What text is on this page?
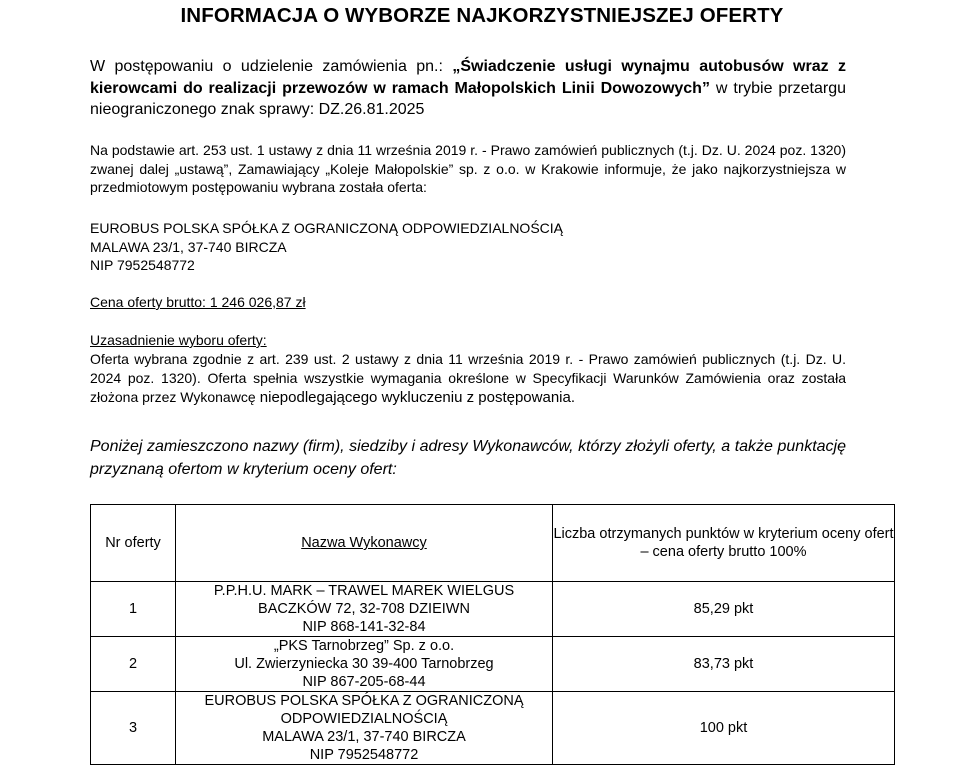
INFORMACJA O WYBORZE NAJKORZYSTNIEJSZEJ OFERTY
W postępowaniu o udzielenie zamówienia pn.: „Świadczenie usługi wynajmu autobusów wraz z kierowcami do realizacji przewozów w ramach Małopolskich Linii Dowozowych” w trybie przetargu nieograniczonego znak sprawy: DZ.26.81.2025
Na podstawie art. 253 ust. 1 ustawy z dnia 11 września 2019 r. - Prawo zamówień publicznych (t.j. Dz. U. 2024 poz. 1320) zwanej dalej „ustawą”, Zamawiający „Koleje Małopolskie” sp. z o.o. w Krakowie informuje, że jako najkorzystniejsza w przedmiotowym postępowaniu wybrana została oferta:
EUROBUS POLSKA SPÓŁKA Z OGRANICZONĄ ODPOWIEDZIALNOŚCIĄ
MALAWA 23/1, 37-740 BIRCZA
NIP 7952548772
Cena oferty brutto: 1 246 026,87 zł
Uzasadnienie wyboru oferty:
Oferta wybrana zgodnie z art. 239 ust. 2 ustawy z dnia 11 września 2019 r. - Prawo zamówień publicznych (t.j. Dz. U. 2024 poz. 1320). Oferta spełnia wszystkie wymagania określone w Specyfikacji Warunków Zamówienia oraz została złożona przez Wykonawcę niepodlegającego wykluczeniu z postępowania.
Poniżej zamieszczono nazwy (firm), siedziby i adresy Wykonawców, którzy złożyli oferty, a także punktację przyznaną ofertom w kryterium oceny ofert:
Nr oferty	Nazwa Wykonawcy	Liczba otrzymanych punktów w kryterium oceny ofert – cena oferty brutto 100%
1	P.P.H.U. MARK – TRAWEL MAREK WIELGUS
BACZKÓW 72, 32-708 DZIEIWN
NIP 868-141-32-84	85,29 pkt
2	„PKS Tarnobrzeg” Sp. z o.o.
Ul. Zwierzyniecka 30 39-400 Tarnobrzeg
NIP 867-205-68-44	83,73 pkt
3	EUROBUS POLSKA SPÓŁKA Z OGRANICZONĄ
ODPOWIEDZIALNOŚCIĄ
MALAWA 23/1, 37-740 BIRCZA
NIP 7952548772	100 pkt
